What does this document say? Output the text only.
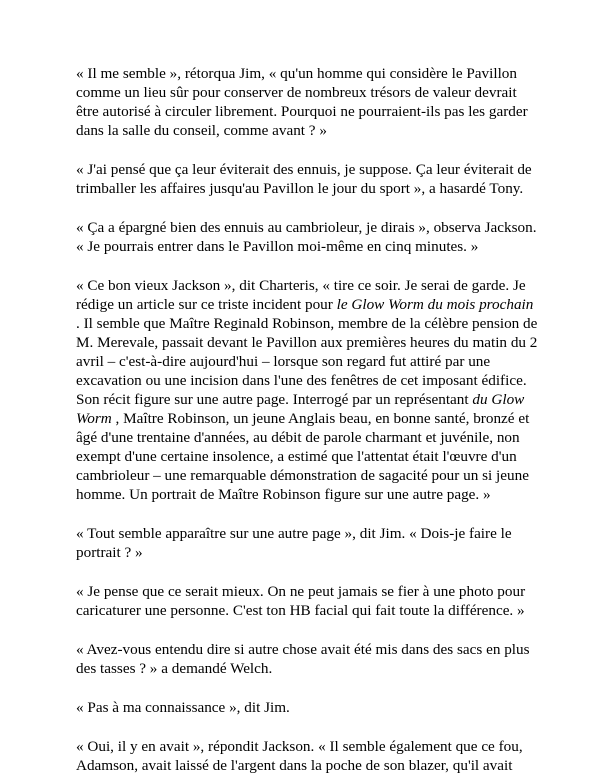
« Il me semble », rétorqua Jim, « qu'un homme qui considère le Pavillon
comme un lieu sûr pour conserver de nombreux trésors de valeur devrait
être autorisé à circuler librement. Pourquoi ne pourraient-ils pas les garder
dans la salle du conseil, comme avant ? »

« J'ai pensé que ça leur éviterait des ennuis, je suppose. Ça leur éviterait de
trimballer les affaires jusqu'au Pavillon le jour du sport », a hasardé Tony.

« Ça a épargné bien des ennuis au cambrioleur, je dirais », observa Jackson.
« Je pourrais entrer dans le Pavillon moi-même en cinq minutes. »

« Ce bon vieux Jackson », dit Charteris, « tire ce soir. Je serai de garde. Je
rédige un article sur ce triste incident pour le Glow Worm du mois prochain
. Il semble que Maître Reginald Robinson, membre de la célèbre pension de
M. Merevale, passait devant le Pavillon aux premières heures du matin du 2
avril – c'est-à-dire aujourd'hui – lorsque son regard fut attiré par une
excavation ou une incision dans l'une des fenêtres de cet imposant édifice.
Son récit figure sur une autre page. Interrogé par un représentant du Glow
Worm , Maître Robinson, un jeune Anglais beau, en bonne santé, bronzé et
âgé d'une trentaine d'années, au débit de parole charmant et juvénile, non
exempt d'une certaine insolence, a estimé que l'attentat était l'œuvre d'un
cambrioleur – une remarquable démonstration de sagacité pour un si jeune
homme. Un portrait de Maître Robinson figure sur une autre page. »

« Tout semble apparaître sur une autre page », dit Jim. « Dois-je faire le
portrait ? »

« Je pense que ce serait mieux. On ne peut jamais se fier à une photo pour
caricaturer une personne. C'est ton HB facial qui fait toute la différence. »

« Avez-vous entendu dire si autre chose avait été mis dans des sacs en plus
des tasses ? » a demandé Welch.

« Pas à ma connaissance », dit Jim.

« Oui, il y en avait », répondit Jackson. « Il semble également que ce fou,
Adamson, avait laissé de l'argent dans la poche de son blazer, qu'il avait
